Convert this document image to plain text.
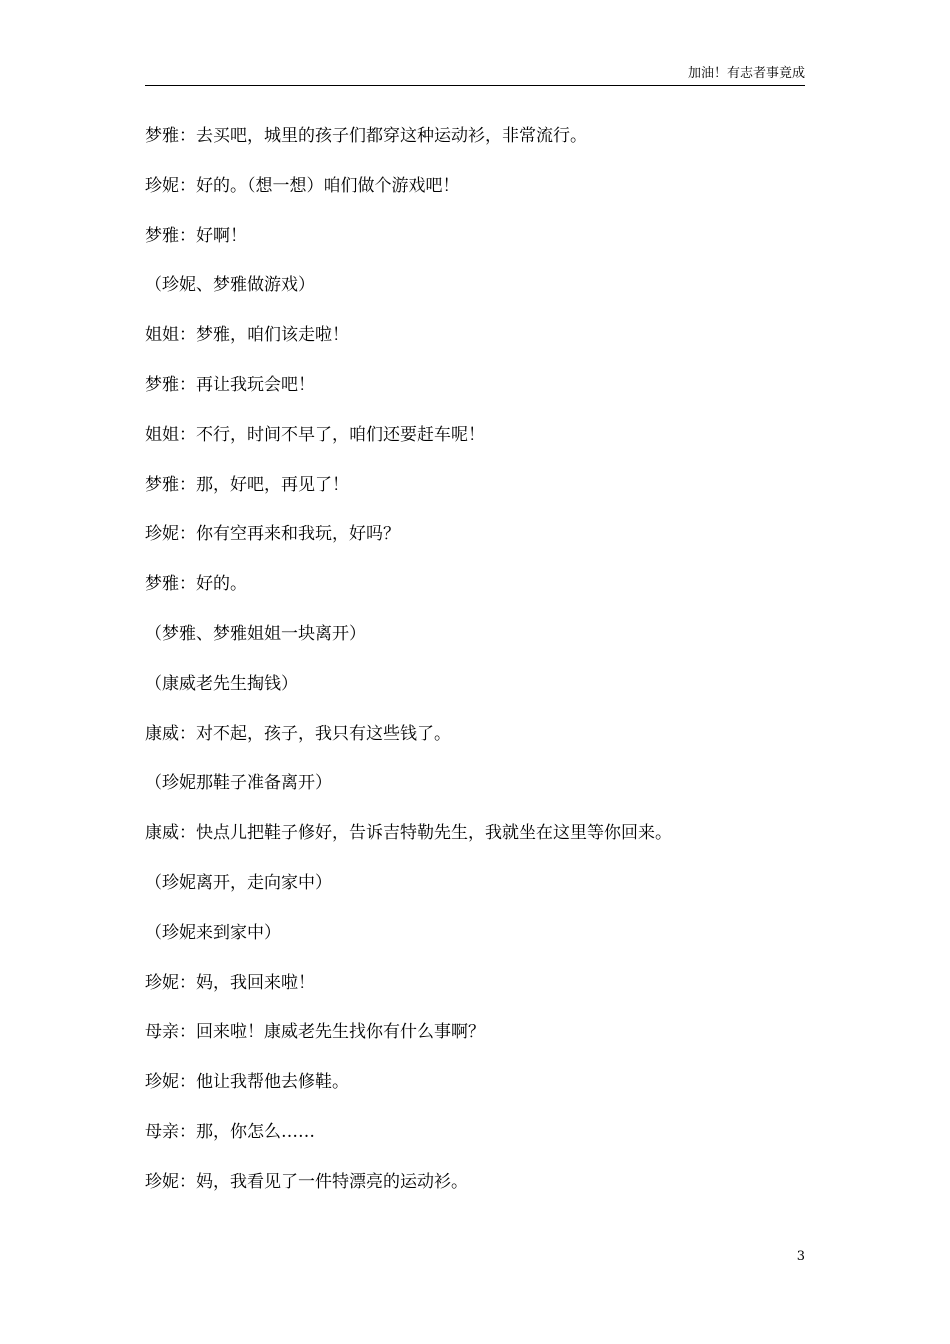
加油！有志者事竟成
梦雅：去买吧，城里的孩子们都穿这种运动衫，非常流行。
珍妮：好的。（想一想）咱们做个游戏吧！
梦雅：好啊！
（珍妮、梦雅做游戏）
姐姐：梦雅，咱们该走啦！
梦雅：再让我玩会吧！
姐姐：不行，时间不早了，咱们还要赶车呢！
梦雅：那，好吧，再见了！
珍妮：你有空再来和我玩，好吗？
梦雅：好的。
（梦雅、梦雅姐姐一块离开）
（康威老先生掏钱）
康威：对不起，孩子，我只有这些钱了。
（珍妮那鞋子准备离开）
康威：快点儿把鞋子修好，告诉吉特勒先生，我就坐在这里等你回来。
（珍妮离开，走向家中）
（珍妮来到家中）
珍妮：妈，我回来啦！
母亲：回来啦！康威老先生找你有什么事啊？
珍妮：他让我帮他去修鞋。
母亲：那，你怎么……
珍妮：妈，我看见了一件特漂亮的运动衫。
3
